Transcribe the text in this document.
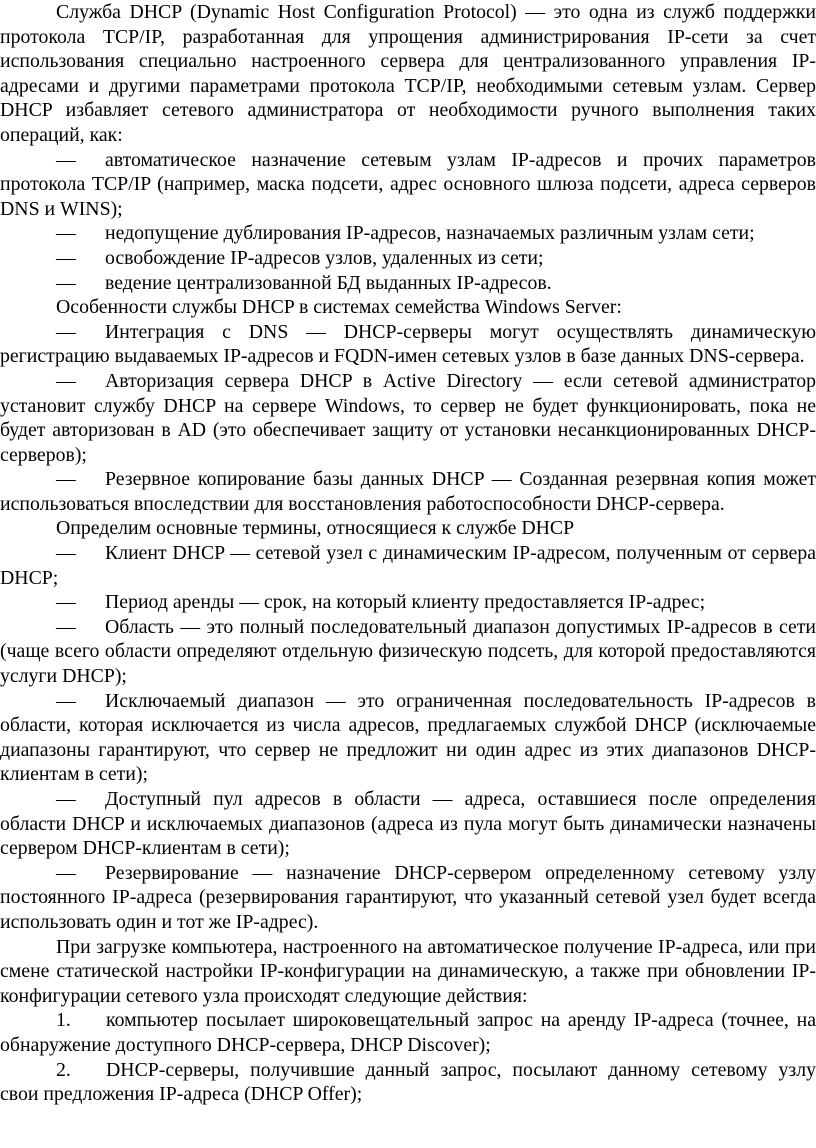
Служба DHCP (Dynamic Host Configuration Protocol) — это одна из служб поддержки протокола TCP/IP, разработанная для упрощения администрирования IP-сети за счет использования специально настроенного сервера для централизованного управления IP-адресами и другими параметрами протокола TCP/IP, необходимыми сетевым узлам. Сервер DHCP избавляет сетевого администратора от необходимости ручного выполнения таких операций, как:

— автоматическое назначение сетевым узлам IP-адресов и прочих параметров протокола TCP/IP (например, маска подсети, адрес основного шлюза подсети, адреса серверов DNS и WINS);

— недопущение дублирования IP-адресов, назначаемых различным узлам сети;

— освобождение IP-адресов узлов, удаленных из сети;

— ведение централизованной БД выданных IP-адресов.

Особенности службы DHCP в системах семейства Windows Server:

— Интеграция с DNS — DHCP-серверы могут осуществлять динамическую регистрацию выдаваемых IP-адресов и FQDN-имен сетевых узлов в базе данных DNS-сервера.

— Авторизация сервера DHCP в Active Directory — если сетевой администратор установит службу DHCP на сервере Windows, то сервер не будет функционировать, пока не будет авторизован в AD (это обеспечивает защиту от установки несанкционированных DHCP-серверов);

— Резервное копирование базы данных DHCP — Созданная резервная копия может использоваться впоследствии для восстановления работоспособности DHCP-сервера.

Определим основные термины, относящиеся к службе DHCP

— Клиент DHCP — сетевой узел с динамическим IP-адресом, полученным от сервера DHCP;

— Период аренды — срок, на который клиенту предоставляется IP-адрес;

— Область — это полный последовательный диапазон допустимых IP-адресов в сети (чаще всего области определяют отдельную физическую подсеть, для которой предоставляются услуги DHCP);

— Исключаемый диапазон — это ограниченная последовательность IP-адресов в области, которая исключается из числа адресов, предлагаемых службой DHCP (исключаемые диапазоны гарантируют, что сервер не предложит ни один адрес из этих диапазонов DHCP-клиентам в сети);

— Доступный пул адресов в области — адреса, оставшиеся после определения области DHCP и исключаемых диапазонов (адреса из пула могут быть динамически назначены сервером DHCP-клиентам в сети);

— Резервирование — назначение DHCP-сервером определенному сетевому узлу постоянного IP-адреса (резервирования гарантируют, что указанный сетевой узел будет всегда использовать один и тот же IP-адрес).

При загрузке компьютера, настроенного на автоматическое получение IP-адреса, или при смене статической настройки IP-конфигурации на динамическую, а также при обновлении IP-конфигурации сетевого узла происходят следующие действия:

1. компьютер посылает широковещательный запрос на аренду IP-адреса (точнее, на обнаружение доступного DHCP-сервера, DHCP Discover);

2. DHCP-серверы, получившие данный запрос, посылают данному сетевому узлу свои предложения IP-адреса (DHCP Offer);
